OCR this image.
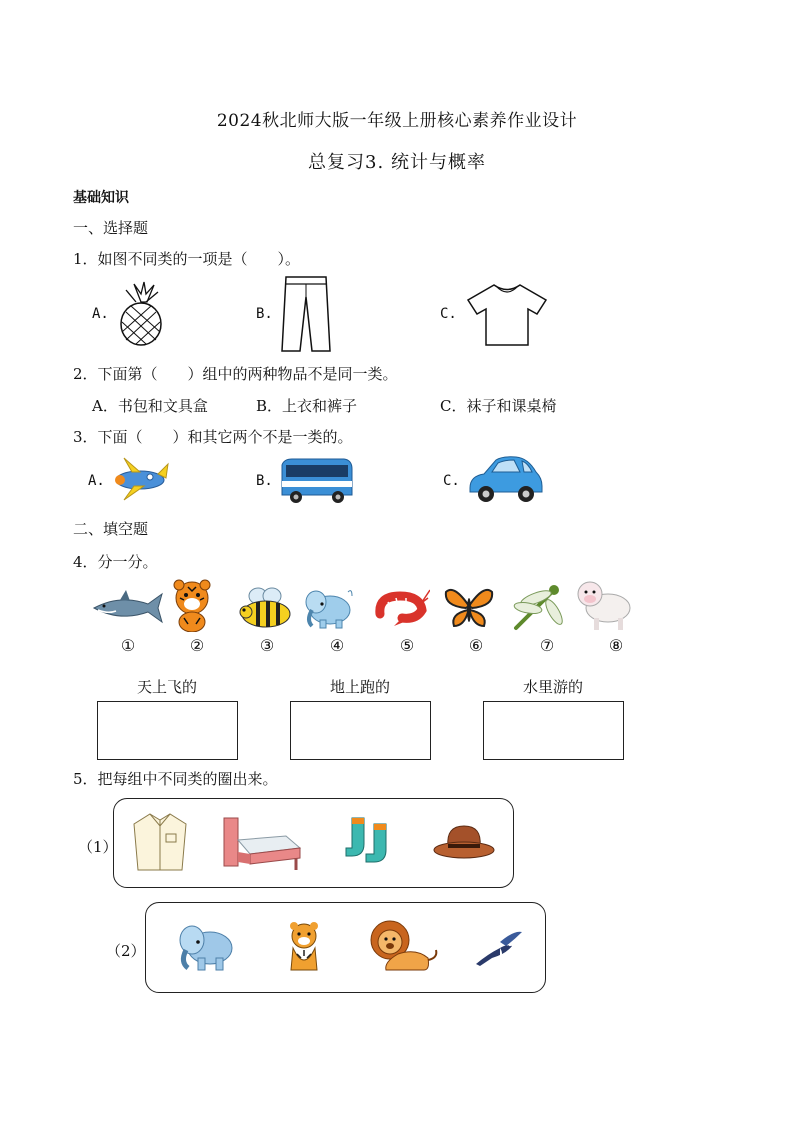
2024秋北师大版一年级上册核心素养作业设计
总复习3. 统计与概率
基础知识
一、选择题
1．如图不同类的一项是（　　）。
A.	B.	C.
2．下面第（　　）组中的两种物品不是同一类。
A．书包和文具盒	B．上衣和裤子	C．袜子和课桌椅
3．下面（　　）和其它两个不是一类的。
A.	B.	C.
二、填空题
4．分一分。
①	②	③	④	⑤	⑥	⑦	⑧
天上飞的	地上跑的	水里游的
5．把每组中不同类的圈出来。
（1）
（2）
